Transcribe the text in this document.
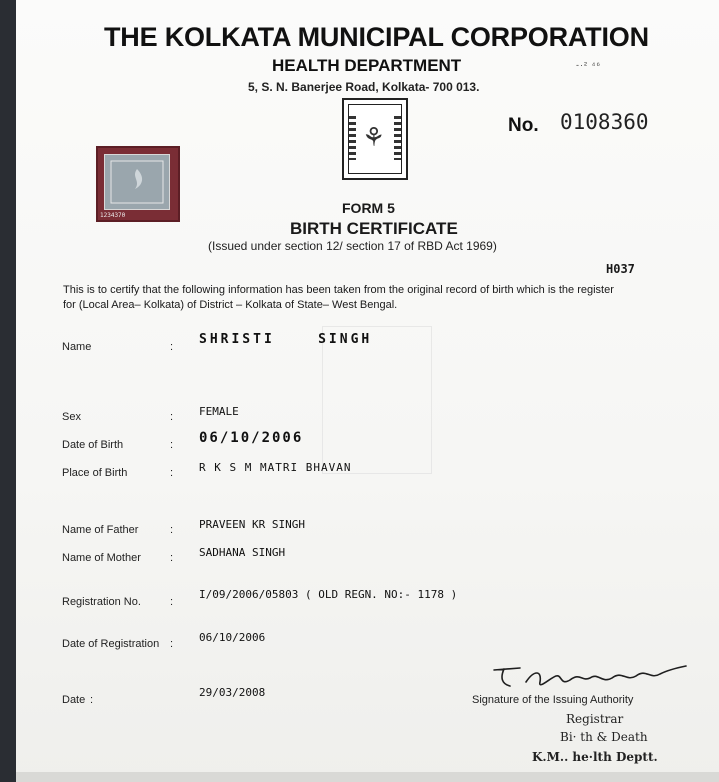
THE KOLKATA MUNICIPAL CORPORATION
HEALTH DEPARTMENT
5, S. N. Banerjee Road, Kolkata- 700 013.
-·² ⁴⁶
⚘	No. 0108360
1234370	FORM 5
BIRTH CERTIFICATE
(Issued under section 12/ section 17 of RBD Act 1969)
H037
This is to certify that the following information has been taken from the original record of birth which is the register
for (Local Area– Kolkata) of District – Kolkata of State– West Bengal.
Name	: SHRISTI    SINGH
Sex	: FEMALE
Date of Birth	: 06/10/2006
Place of Birth	: R K S M MATRI BHAVAN
Name of Father	: PRAVEEN KR SINGH
Name of Mother	: SADHANA SINGH
Registration No.	:
I/09/2006/05803 ( OLD REGN. NO:- 1178 )
Date of Registration : 06/10/2006
Date :
29/03/2008
Signature of the Issuing Authority
Registrar
Bi· th & Death
K.M.. he·lth Deptt.
